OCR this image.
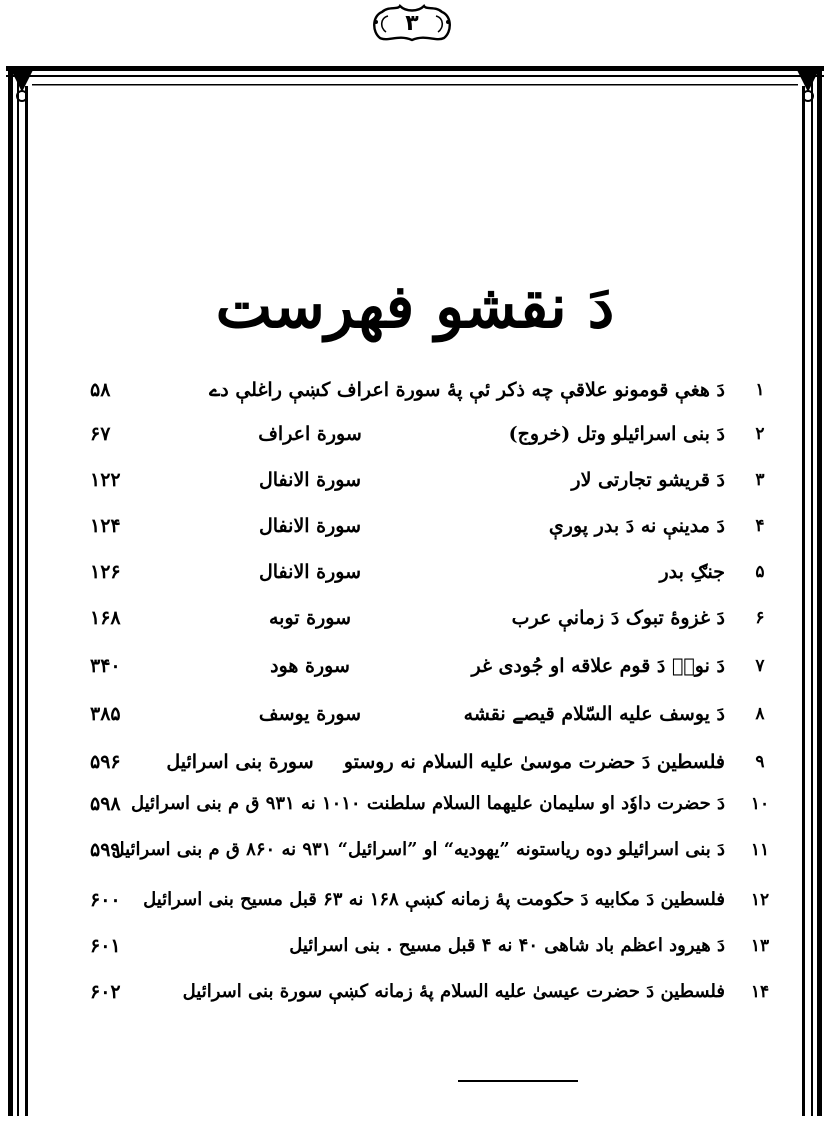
۳
دَ نقشو فهرست
١
دَ هغې قومونو علاقې چه ذکر ئې پهٔ سورة اعراف کښې راغلې دے
۵۸
٢
دَ بنی اسرائیلو وتل (خروج)
سورة اعراف
۶۷
٣
دَ قریشو تجارتی لار
سورة الانفال
۱۲۲
۴
دَ مدینې نه دَ بدر پورې
سورة الانفال
۱۲۴
۵
جنګِ بدر
سورة الانفال
۱۲۶
۶
دَ غزوهٔ تبوک دَ زمانې عرب
سورة توبه
۱۶۸
۷
دَ نوحؑ دَ قوم علاقه او جُودی غر
سورة هود
۳۴۰
۸
دَ یوسف علیه السّلام قیصے نقشه
سورة یوسف
۳۸۵
۹
فلسطین دَ حضرت موسیٰ علیه السلام نه روستو
سورة بنی اسرائیل
۵۹۶
١٠
دَ حضرت داوٗد او سلیمان علیهما السلام سلطنت ١٠١٠ نه ٩٣١ ق م بنی اسرائیل
۵۹۸
١١
دَ بنی اسرائیلو دوه ریاستونه ”یهودیه“ او ”اسرائیل“ ٩٣١ نه ٨۶٠ ق م بنی اسرائیل
۵۹۹
١٢
فلسطین دَ مکابیه دَ حکومت پهٔ زمانه کښې ١۶٨ نه ۶٣ قبل مسیح بنی اسرائیل
۶۰۰
١٣
دَ هیرود اعظم باد شاهی ۴٠ نه ۴ قبل مسیح . بنی اسرائیل
۶۰۱
١۴
فلسطین دَ حضرت عیسیٰ علیه السلام پهٔ زمانه کښې سورة بنی اسرائیل
۶۰۲
